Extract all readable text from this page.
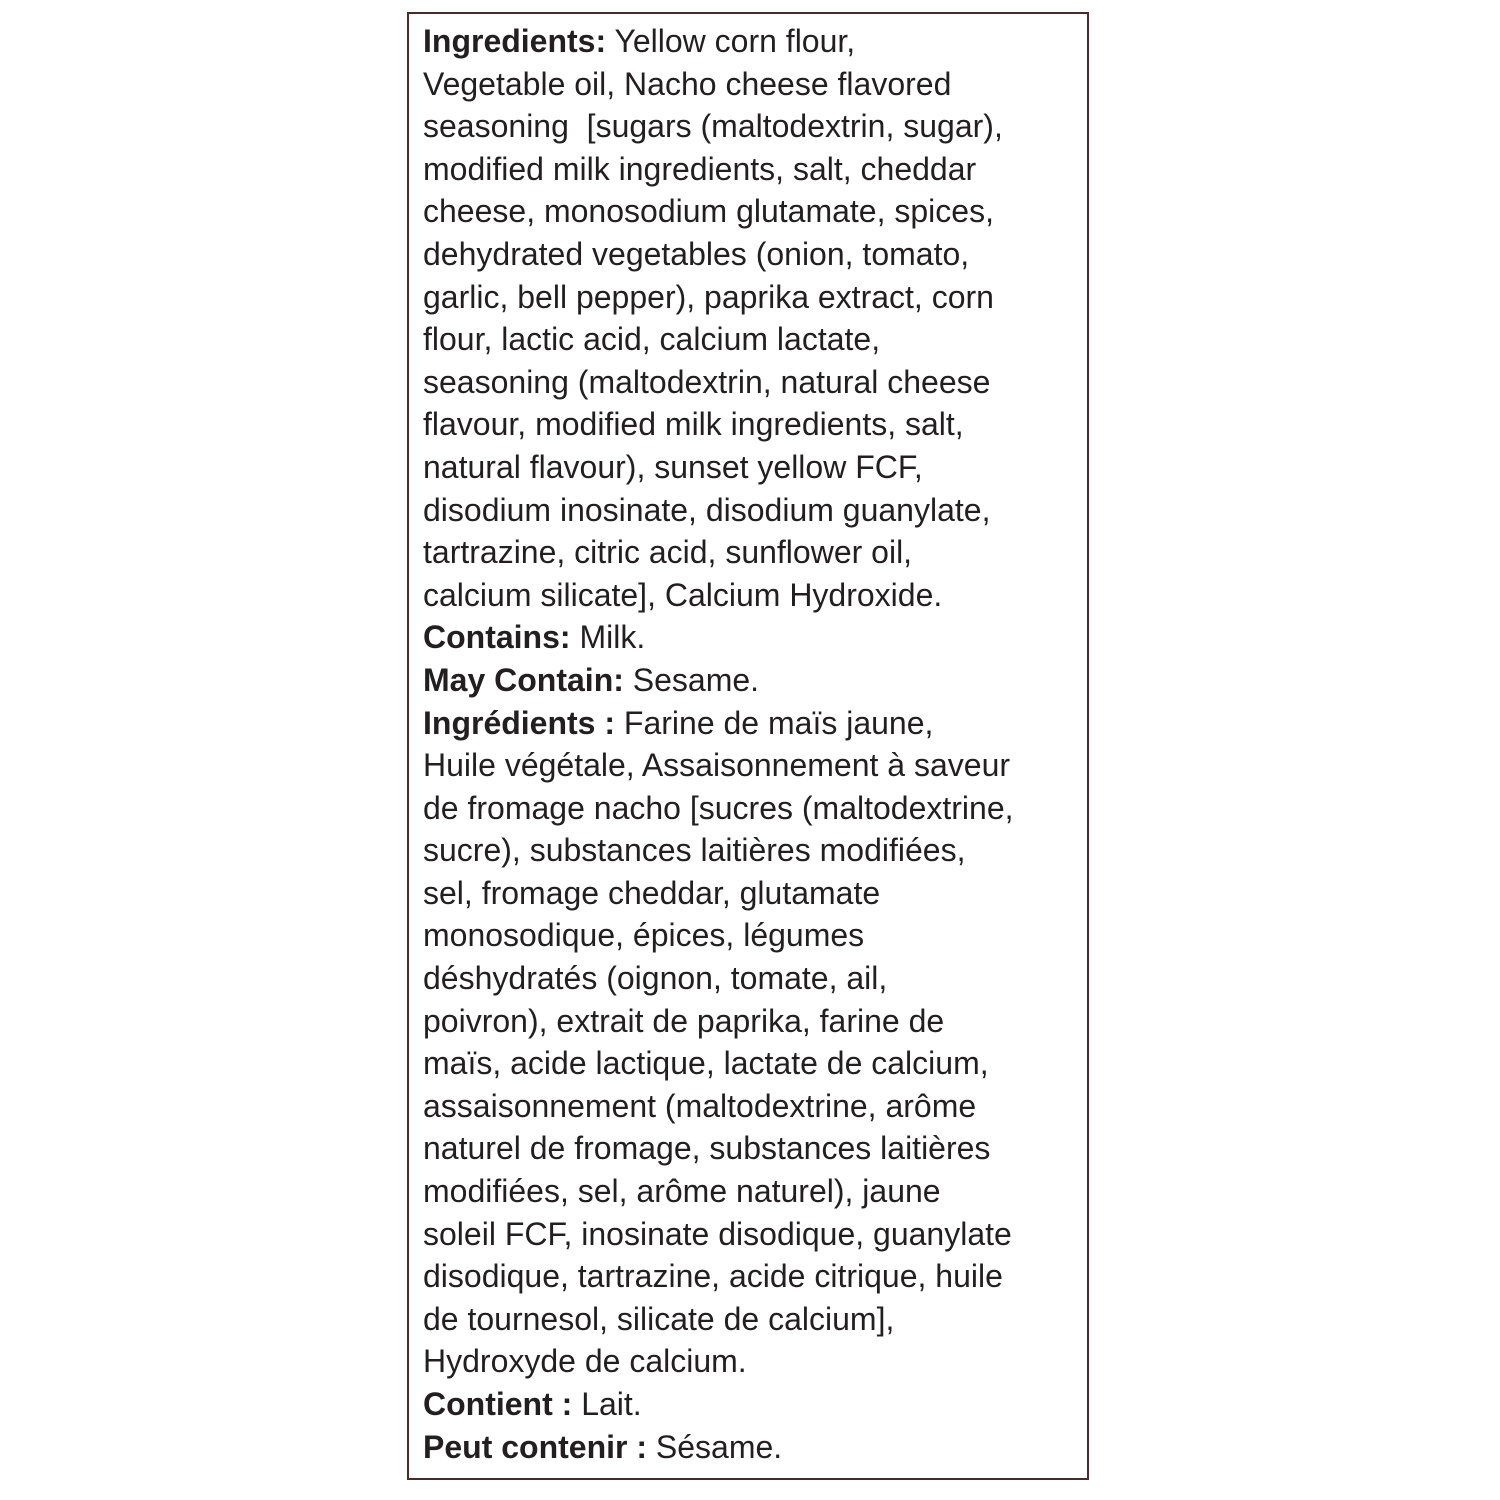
Ingredients: Yellow corn flour,
Vegetable oil, Nacho cheese flavored
seasoning  [sugars (maltodextrin, sugar),
modified milk ingredients, salt, cheddar
cheese, monosodium glutamate, spices,
dehydrated vegetables (onion, tomato,
garlic, bell pepper), paprika extract, corn
flour, lactic acid, calcium lactate,
seasoning (maltodextrin, natural cheese
flavour, modified milk ingredients, salt,
natural flavour), sunset yellow FCF,
disodium inosinate, disodium guanylate,
tartrazine, citric acid, sunflower oil,
calcium silicate], Calcium Hydroxide.
Contains: Milk.
May Contain: Sesame.
Ingrédients : Farine de maïs jaune,
Huile végétale, Assaisonnement à saveur
de fromage nacho [sucres (maltodextrine,
sucre), substances laitières modifiées,
sel, fromage cheddar, glutamate
monosodique, épices, légumes
déshydratés (oignon, tomate, ail,
poivron), extrait de paprika, farine de
maïs, acide lactique, lactate de calcium,
assaisonnement (maltodextrine, arôme
naturel de fromage, substances laitières
modifiées, sel, arôme naturel), jaune
soleil FCF, inosinate disodique, guanylate
disodique, tartrazine, acide citrique, huile
de tournesol, silicate de calcium],
Hydroxyde de calcium.
Contient : Lait.
Peut contenir : Sésame.
